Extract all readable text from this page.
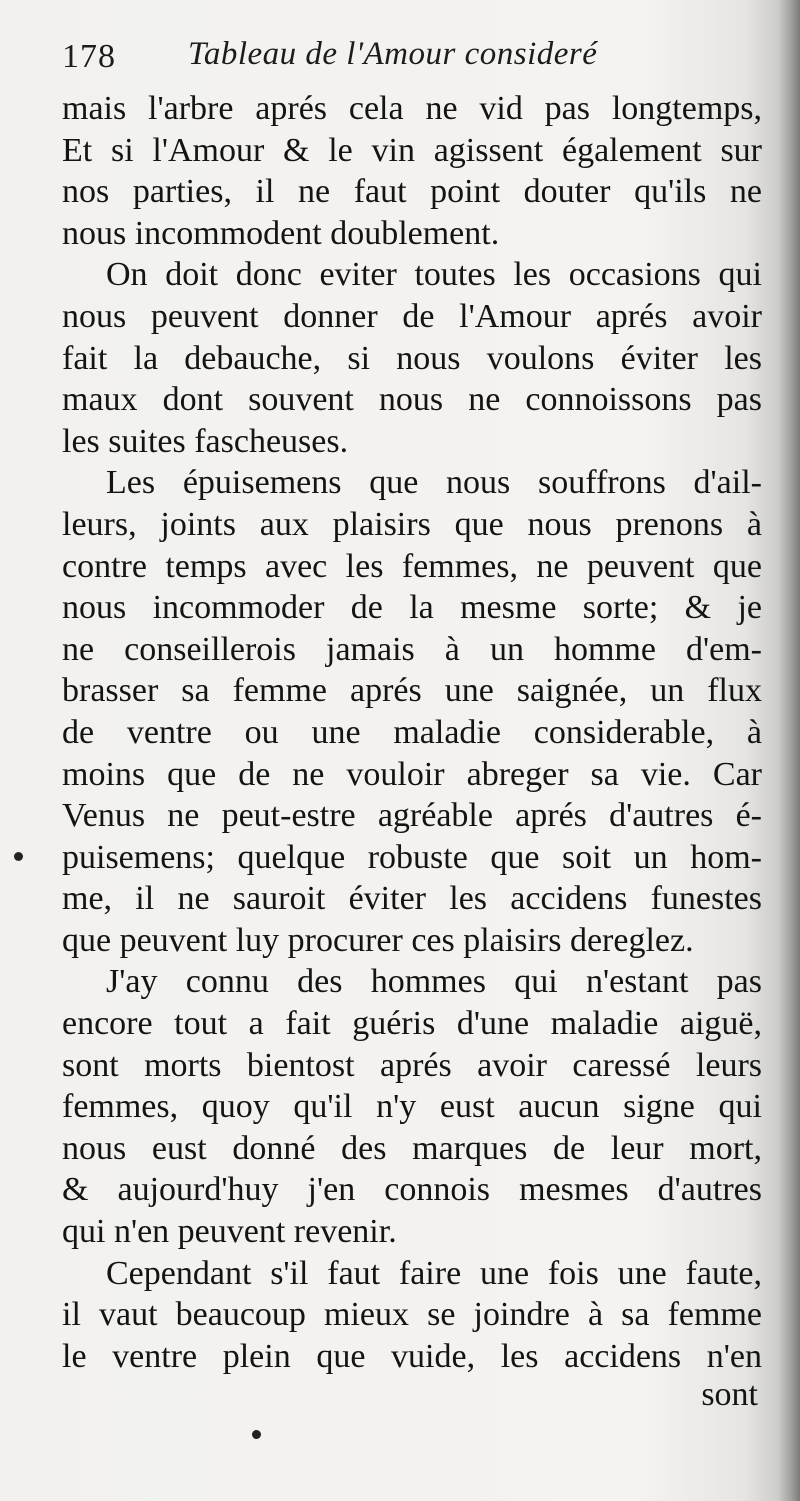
178 Tableau de l'Amour consideré
mais l'arbre aprés cela ne vid pas longtemps,
Et si l'Amour & le vin agissent également sur
nos parties, il ne faut point douter qu'ils ne
nous incommodent doublement.
On doit donc eviter toutes les occasions qui
nous peuvent donner de l'Amour aprés avoir
fait la debauche, si nous voulons éviter les
maux dont souvent nous ne connoissons pas
les suites fascheuses.
Les épuisemens que nous souffrons d'ail-
leurs, joints aux plaisirs que nous prenons à
contre temps avec les femmes, ne peuvent que
nous incommoder de la mesme sorte; & je
ne conseillerois jamais à un homme d'em-
brasser sa femme aprés une saignée, un flux
de ventre ou une maladie considerable, à
moins que de ne vouloir abreger sa vie. Car
Venus ne peut-estre agréable aprés d'autres é-
puisemens; quelque robuste que soit un hom-
me, il ne sauroit éviter les accidens funestes
que peuvent luy procurer ces plaisirs dereglez.
J'ay connu des hommes qui n'estant pas
encore tout a fait guéris d'une maladie aiguë,
sont morts bientost aprés avoir caressé leurs
femmes, quoy qu'il n'y eust aucun signe qui
nous eust donné des marques de leur mort,
& aujourd'huy j'en connois mesmes d'autres
qui n'en peuvent revenir.
Cependant s'il faut faire une fois une faute,
il vaut beaucoup mieux se joindre à sa femme
le ventre plein que vuide, les accidens n'en
sont
